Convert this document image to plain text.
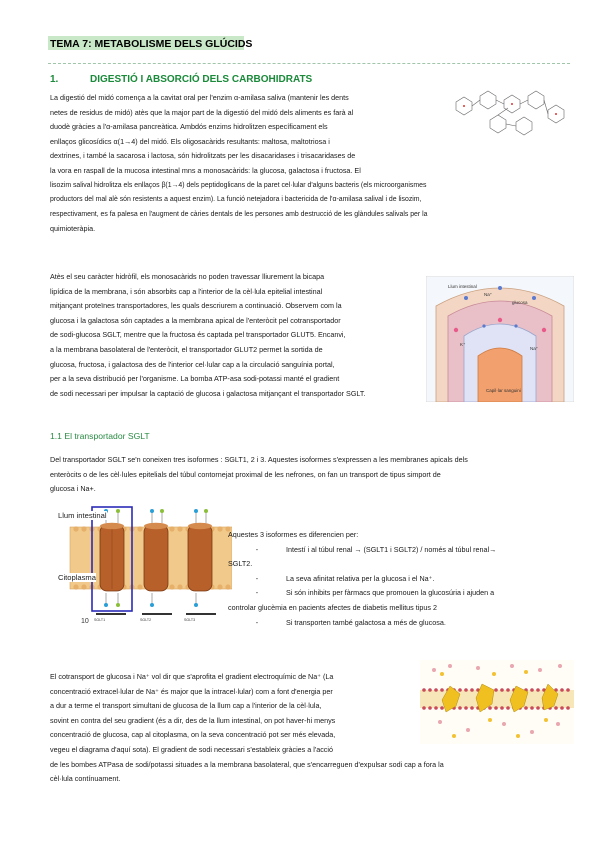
TEMA 7: METABOLISME DELS GLÚCIDS
1.	DIGESTIÓ I ABSORCIÓ DELS CARBOHIDRATS
La digestió del midó comença a la cavitat oral per l'enzim α-amilasa saliva (mantenir les dents
netes de residus de midó) atès que la major part de la digestió del midó dels aliments es farà al
duodè gràcies a l'α-amilasa pancreàtica. Ambdós enzims hidrolitzen específicament els
enllaços glicosídics α(1→4) del midó. Els oligosacàrids resultants: maltosa, maltotriosa i
dextrines, i també la sacarosa i lactosa, són hidrolitzats per les disacaridases i trisacaridases de
la vora en raspall de la mucosa intestinal mns a monosacàrids: la glucosa, galactosa i fructosa. El
lisozim salival hidrolitza els enllaços β(1→4) dels peptidoglicans de la paret cel·lular d'alguns bacteris (els microorganismes
productors del mal alè són resistents a aquest enzim). La funció netejadora i bactericida de l'α-amilasa salival i de lisozim,
respectivament, es fa palesa en l'augment de càries dentals de les persones amb destrucció de les glàndules salivals per la
quimioteràpia.
Atès el seu caràcter hidròfil, els monosacàrids no poden travessar lliurement la bicapa
lipídica de la membrana, i són absorbits cap a l'interior de la cèl·lula epitelial intestinal
mitjançant proteïnes transportadores, les quals descriurem a continuació. Observem com la
glucosa i la galactosa són captades a la membrana apical de l'enteròcit pel cotransportador
de sodi-glucosa SGLT, mentre que la fructosa és captada pel transportador GLUT5. Encanvi,
a la membrana basolateral de l'enteròcit, el transportador GLUT2 permet la sortida de
glucosa, fructosa, i galactosa des de l'interior cel·lular cap a la circulació sanguínia portal,
per a la seva distribució per l'organisme. La bomba ATP-asa sodi-potassi manté el gradient
de sodi necessari per impulsar la captació de glucosa i galactosa mitjançant el transportador SGLT.
Llum intestinal
Na⁺
glucosa
K⁺
Na⁺
Capil·lar sanguini
1.1 El transportador SGLT
Del transportador SGLT se'n coneixen tres isoformes : SGLT1, 2 i 3. Aquestes isoformes s'expressen a les membranes apicals dels
enteròcits o de les cèl·lules epitelials del túbul contornejat proximal de les nefrones, on fan un transport de tipus simport de
glucosa i Na+.
Llum intestinal
Citoplasma
SGLT1	SGLT2	SGLT3
10
Aquestes 3 isoformes es diferencien per:
-	Intestí i al túbul renal → (SGLT1 i SGLT2) / només al túbul renal→
SGLT2.
-	La seva afinitat relativa per la glucosa i el Na⁺.
-	Si són inhibits per fàrmacs que promouen la glucosúria i ajuden a
controlar glucèmia en pacients afectes de diabetis mellitus tipus 2
-	Si transporten també galactosa a més de glucosa.
El cotransport de glucosa i Na⁺ vol dir que s'aprofita el gradient electroquímic de Na⁺ (La
concentració extracel·lular de Na⁺ és major que la intracel·lular) com a font d'energia per
a dur a terme el transport simultani de glucosa de la llum cap a l'interior de la cèl·lula,
sovint en contra del seu gradient (és a dir, des de la llum intestinal, on pot haver-hi menys
concentració de glucosa, cap al citoplasma, on la seva concentració pot ser més elevada,
vegeu el diagrama d'aquí sota). El gradient de sodi necessari s'estableix gràcies a l'acció
de les bombes ATPasa de sodi/potassi situades a la membrana basolateral, que s'encarreguen d'expulsar sodi cap a fora la
cèl·lula contínuament.
